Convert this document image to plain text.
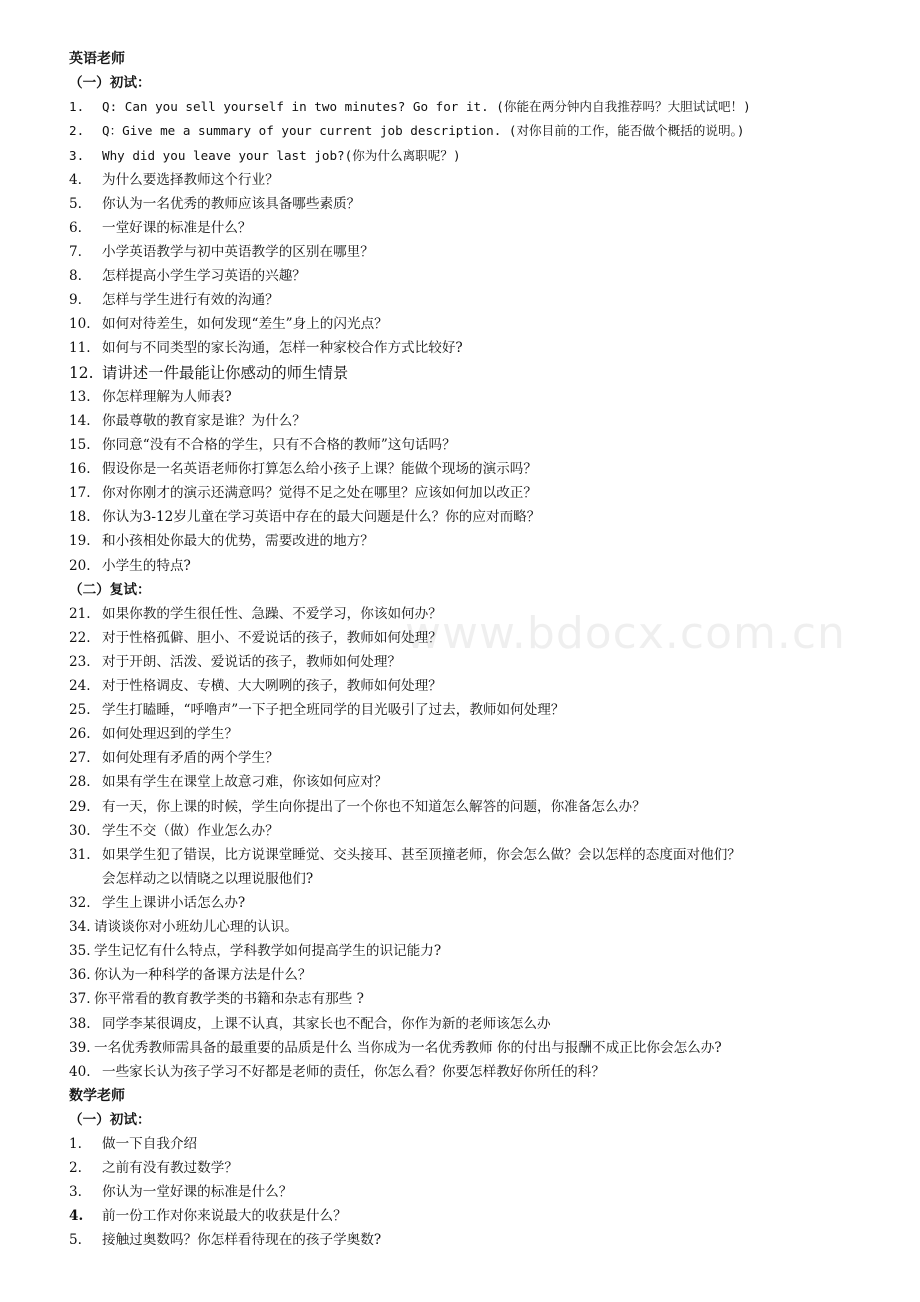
www.bdocx.com.cn
英语老师
（一）初试：
1. Q: Can you sell yourself in two minutes? Go for it. (你能在两分钟内自我推荐吗？大胆试试吧！)
2. Q：Give me a summary of your current job description. (对你目前的工作，能否做个概括的说明。)
3. Why did you leave your last job?(你为什么离职呢？)
4. 为什么要选择教师这个行业？
5. 你认为一名优秀的教师应该具备哪些素质？
6. 一堂好课的标准是什么？
7. 小学英语教学与初中英语教学的区别在哪里？
8. 怎样提高小学生学习英语的兴趣？
9. 怎样与学生进行有效的沟通？
10. 如何对待差生，如何发现“差生”身上的闪光点？
11. 如何与不同类型的家长沟通，怎样一种家校合作方式比较好?
12. 请讲述一件最能让你感动的师生情景
13. 你怎样理解为人师表?
14. 你最尊敬的教育家是谁？为什么？
15. 你同意“没有不合格的学生，只有不合格的教师”这句话吗？
16. 假设你是一名英语老师你打算怎么给小孩子上课？能做个现场的演示吗？
17. 你对你刚才的演示还满意吗？觉得不足之处在哪里？应该如何加以改正？
18. 你认为3-12岁儿童在学习英语中存在的最大问题是什么？你的应对而略？
19. 和小孩相处你最大的优势，需要改进的地方？
20. 小学生的特点?
（二）复试：
21. 如果你教的学生很任性、急躁、不爱学习，你该如何办？
22. 对于性格孤僻、胆小、不爱说话的孩子，教师如何处理？
23. 对于开朗、活泼、爱说话的孩子，教师如何处理？
24. 对于性格调皮、专横、大大咧咧的孩子，教师如何处理？
25. 学生打瞌睡，“呼噜声”一下子把全班同学的目光吸引了过去，教师如何处理？
26. 如何处理迟到的学生？
27. 如何处理有矛盾的两个学生？
28. 如果有学生在课堂上故意刁难，你该如何应对？
29. 有一天，你上课的时候，学生向你提出了一个你也不知道怎么解答的问题，你准备怎么办？
30. 学生不交（做）作业怎么办？
31. 如果学生犯了错误，比方说课堂睡觉、交头接耳、甚至顶撞老师，你会怎么做？会以怎样的态度面对他们？
会怎样动之以情晓之以理说服他们?
32. 学生上课讲小话怎么办?
34. 请谈谈你对小班幼儿心理的认识。
35. 学生记忆有什么特点，学科教学如何提高学生的识记能力?
36. 你认为一种科学的备课方法是什么？
37. 你平常看的教育教学类的书籍和杂志有那些 ?
38. 同学李某很调皮，上课不认真，其家长也不配合，你作为新的老师该怎么办
39. 一名优秀教师需具备的最重要的品质是什么 当你成为一名优秀教师 你的付出与报酬不成正比你会怎么办?
40. 一些家长认为孩子学习不好都是老师的责任，你怎么看？你要怎样教好你所任的科？
数学老师
（一）初试：
1. 做一下自我介绍
2. 之前有没有教过数学？
3. 你认为一堂好课的标准是什么？
4. 前一份工作对你来说最大的收获是什么？
5. 接触过奥数吗？你怎样看待现在的孩子学奥数?
